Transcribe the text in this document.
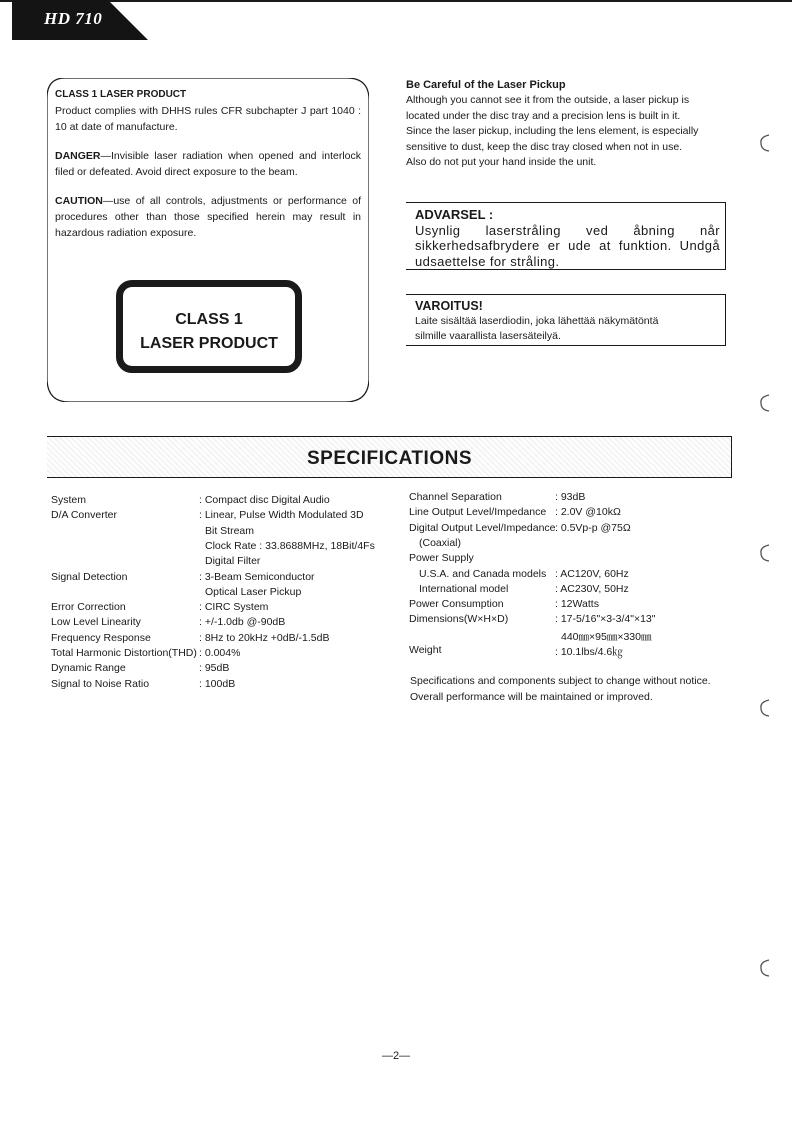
HD 710
CLASS 1 LASER PRODUCT
Product complies with DHHS rules CFR subchapter J part 1040 : 10 at date of manufacture.
DANGER—Invisible laser radiation when opened and interlock filed or defeated. Avoid direct exposure to the beam.
CAUTION—use of all controls, adjustments or performance of procedures other than those specified herein may result in hazardous radiation exposure.
CLASS 1
LASER PRODUCT
Be Careful of the Laser Pickup
Although you cannot see it from the outside, a laser pickup is
located under the disc tray and a precision lens is built in it.
Since the laser pickup, including the lens element, is especially
sensitive to dust, keep the disc tray closed when not in use.
Also do not put your hand inside the unit.
ADVARSEL :
Usynlig laserstråling ved åbning når
sikkerhedsafbrydere er ude at funktion. Undgå
udsaettelse for stråling.
VAROITUS!
Laite sisältää laserdiodin, joka lähettää näkymätöntä
silmille vaarallista lasersäteilyä.
SPECIFICATIONS
System	: Compact disc Digital Audio
D/A Converter	: Linear, Pulse Width Modulated 3D
Bit Stream
Clock Rate : 33.8688MHz, 18Bit/4Fs
Digital Filter
Signal Detection	: 3-Beam Semiconductor
Optical Laser Pickup
Error Correction	: CIRC System
Low Level Linearity	: +/-1.0db @-90dB
Frequency Response	: 8Hz to 20kHz +0dB/-1.5dB
Total Harmonic Distortion(THD) : 0.004%
Dynamic Range	: 95dB
Signal to Noise Ratio	: 100dB
Channel Separation	: 93dB
Line Output Level/Impedance : 2.0V @10kΩ
Digital Output Level/Impedance : 0.5Vp-p @75Ω
(Coaxial)
Power Supply
U.S.A. and Canada models : AC120V, 60Hz
International model	: AC230V, 50Hz
Power Consumption	: 12Watts
Dimensions(W×H×D)	: 17-5/16"×3-3/4"×13"
440㎜×95㎜×330㎜
Weight	: 10.1lbs/4.6㎏
Specifications and components subject to change without notice. Overall performance will be maintained or improved.
—2—
